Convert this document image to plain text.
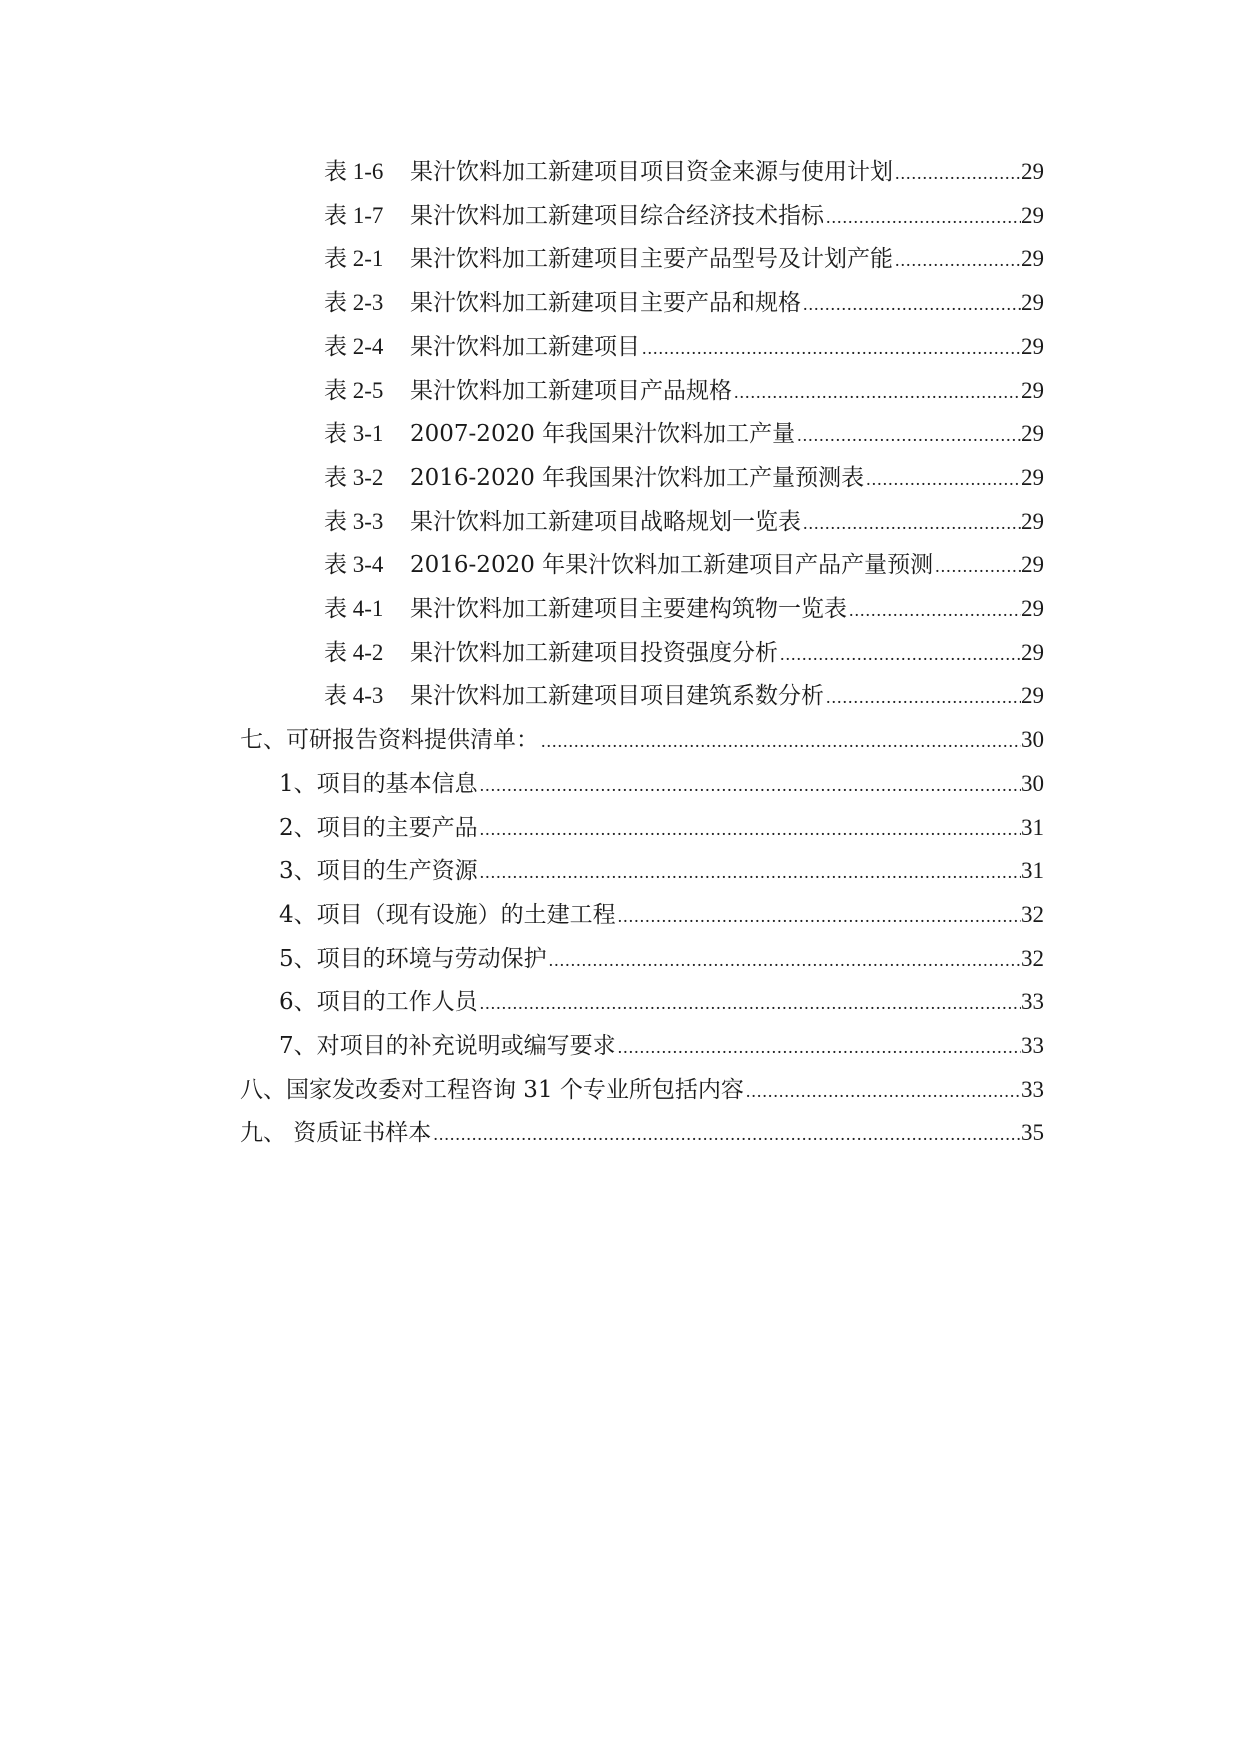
表 1-6	果汁饮料加工新建项目项目资金来源与使用计划 .....	29
表 1-7	果汁饮料加工新建项目综合经济技术指标 .....	29
表 2-1	果汁饮料加工新建项目主要产品型号及计划产能 .....	29
表 2-3	果汁饮料加工新建项目主要产品和规格 .....	29
表 2-4	果汁饮料加工新建项目 .....	29
表 2-5	果汁饮料加工新建项目产品规格 .....	29
表 3-1	2007-2020 年我国果汁饮料加工产量 .....	29
表 3-2	2016-2020 年我国果汁饮料加工产量预测表 .....	29
表 3-3	果汁饮料加工新建项目战略规划一览表 .....	29
表 3-4	2016-2020 年果汁饮料加工新建项目产品产量预测 .....	29
表 4-1	果汁饮料加工新建项目主要建构筑物一览表 .....	29
表 4-2	果汁饮料加工新建项目投资强度分析 .....	29
表 4-3	果汁饮料加工新建项目项目建筑系数分析 .....	29
七、可研报告资料提供清单： .....	30
1、项目的基本信息 .....	30
2、项目的主要产品 .....	31
3、项目的生产资源 .....	31
4、项目（现有设施）的土建工程 .....	32
5、项目的环境与劳动保护 .....	32
6、项目的工作人员 .....	33
7、对项目的补充说明或编写要求 .....	33
八、国家发改委对工程咨询 31 个专业所包括内容 .....	33
九、 资质证书样本 .....	35
